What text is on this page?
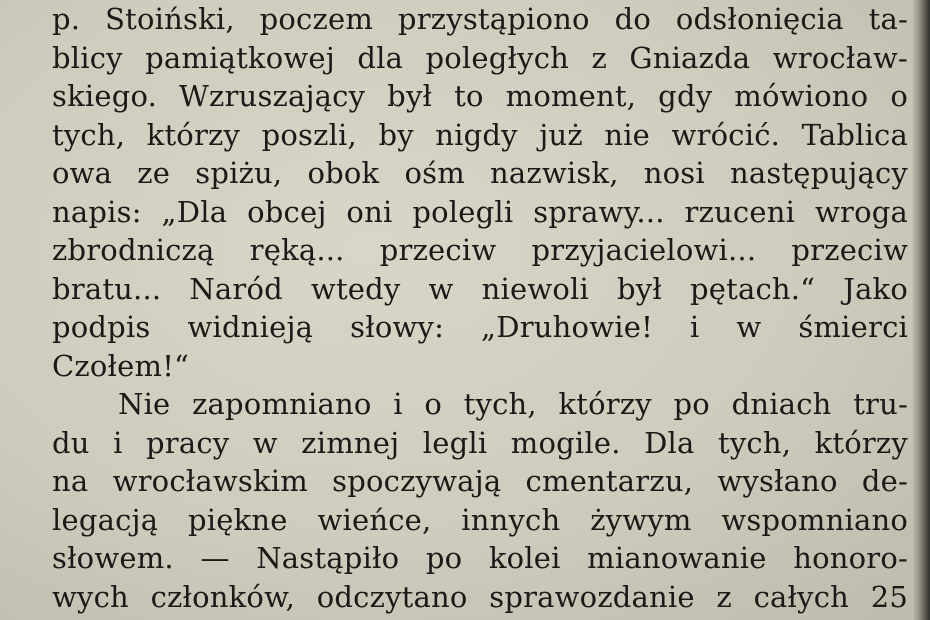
p. Stoiński, poczem przystąpiono do odsłonięcia ta-
blicy pamiątkowej dla poległych z Gniazda wrocław-
skiego. Wzruszający był to moment, gdy mówiono o
tych, którzy poszli, by nigdy już nie wrócić. Tablica
owa ze spiżu, obok ośm nazwisk, nosi następujący
napis: „Dla obcej oni polegli sprawy... rzuceni wroga
zbrodniczą ręką... przeciw przyjacielowi... przeciw
bratu... Naród wtedy w niewoli był pętach.“ Jako
podpis widnieją słowy: „Druhowie! i w śmierci
Czołem!“
Nie zapomniano i o tych, którzy po dniach tru-
du i pracy w zimnej legli mogile. Dla tych, którzy
na wrocławskim spoczywają cmentarzu, wysłano de-
legacją piękne wieńce, innych żywym wspomniano
słowem. — Nastąpiło po kolei mianowanie honoro-
wych członków, odczytano sprawozdanie z całych 25
